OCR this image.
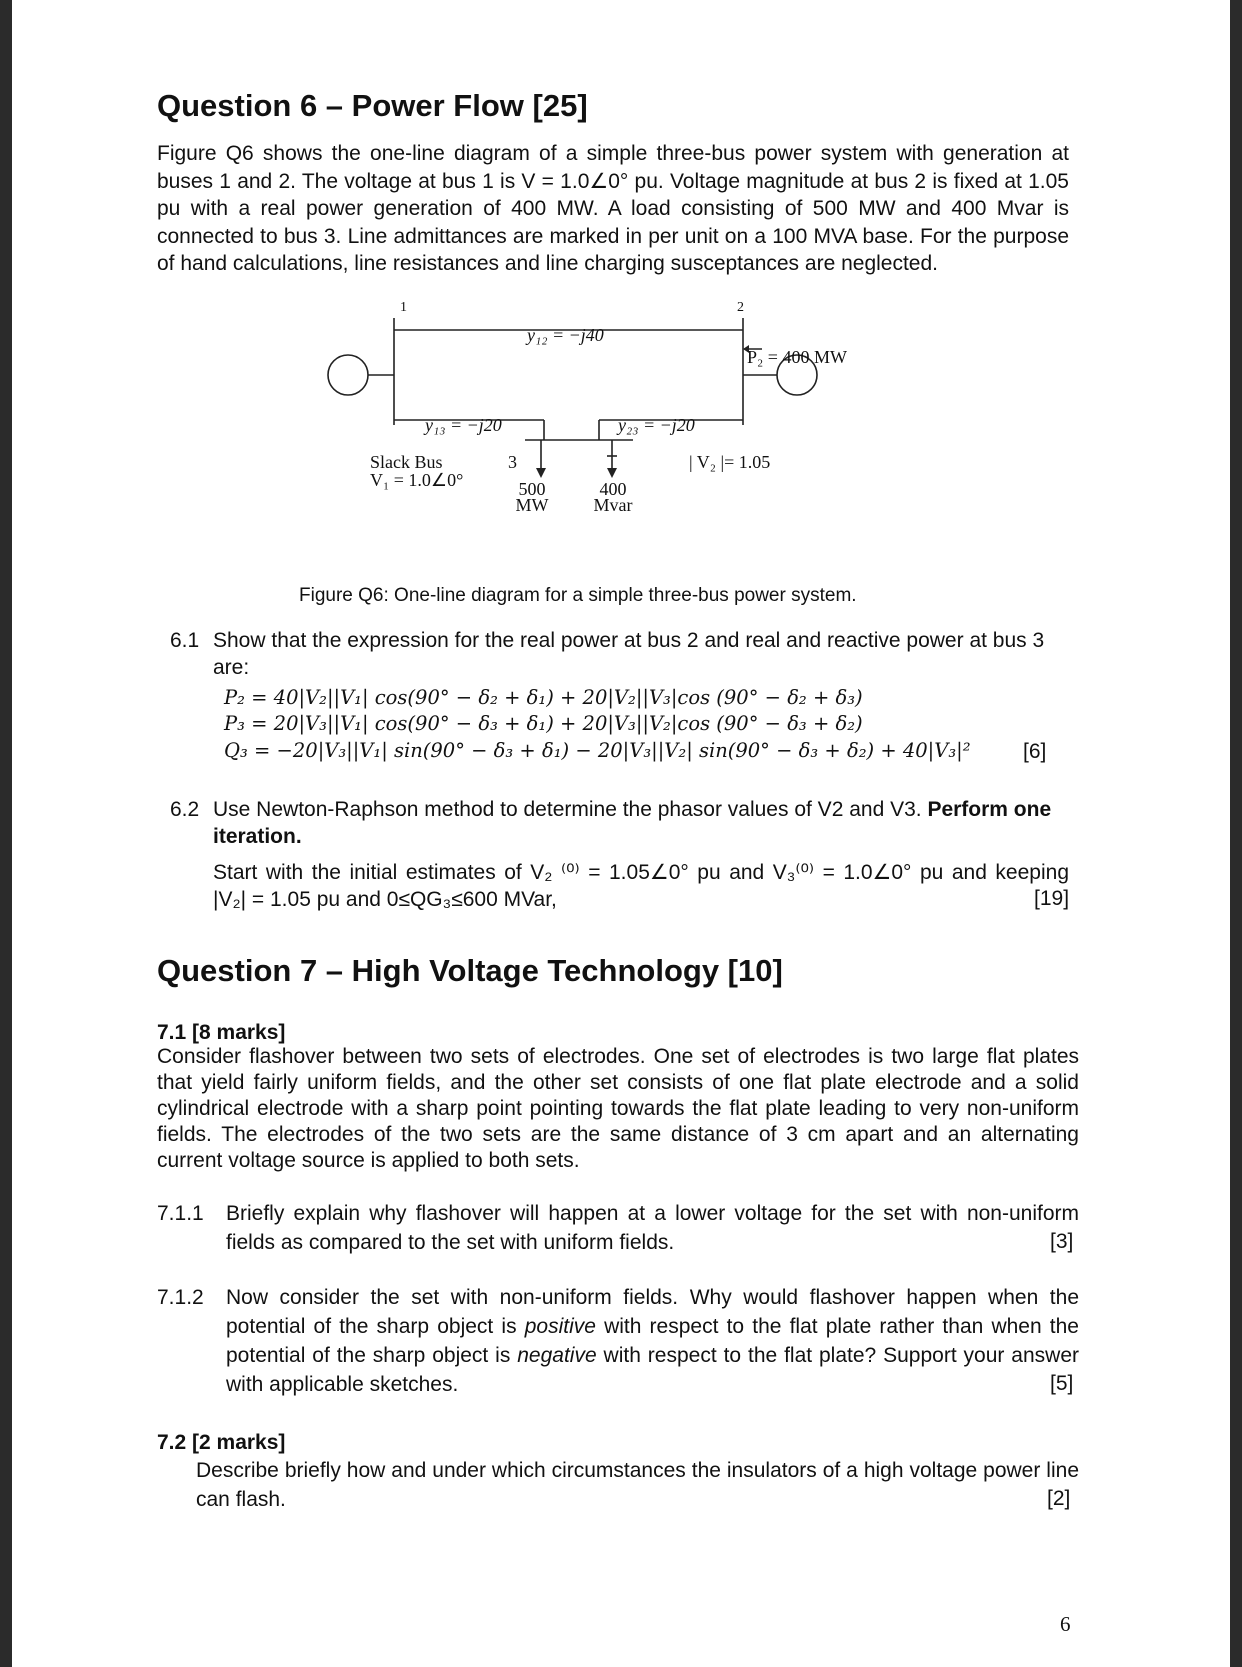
Question 6 – Power Flow [25]
Figure Q6 shows the one-line diagram of a simple three-bus power system with generation at buses 1 and 2. The voltage at bus 1 is V = 1.0∠0° pu. Voltage magnitude at bus 2 is fixed at 1.05 pu with a real power generation of 400 MW. A load consisting of 500 MW and 400 Mvar is connected to bus 3. Line admittances are marked in per unit on a 100 MVA base. For the purpose of hand calculations, line resistances and line charging susceptances are neglected.
1	2
y₁₂ = −j40
P₂ = 400 MW
y₁₃ = −j20	y₂₃ = −j20
| V₂ |= 1.05
Slack Bus
V₁ = 1.0∠0°
3
500
MW
400
Mvar
Figure Q6: One-line diagram for a simple three-bus power system.
6.1 Show that the expression for the real power at bus 2 and real and reactive power at bus 3
are:
P₂ = 40|V₂||V₁| cos(90° − δ₂ + δ₁) + 20|V₂||V₃|cos (90° − δ₂ + δ₃)
P₃ = 20|V₃||V₁| cos(90° − δ₃ + δ₁) + 20|V₃||V₂|cos (90° − δ₃ + δ₂)
Q₃ = −20|V₃||V₁| sin(90° − δ₃ + δ₁) − 20|V₃||V₂| sin(90° − δ₃ + δ₂) + 40|V₃|² [6]
6.2 Use Newton-Raphson method to determine the phasor values of V2 and V3. Perform one
iteration.
Start with the initial estimates of V₂ ⁽⁰⁾ = 1.05∠0° pu and V₃⁽⁰⁾ = 1.0∠0° pu and keeping
|V₂| = 1.05 pu and 0≤QG₃≤600 MVar,	[19]
Question 7 – High Voltage Technology [10]
7.1 [8 marks]
Consider flashover between two sets of electrodes. One set of electrodes is two large flat plates that yield fairly uniform fields, and the other set consists of one flat plate electrode and a solid cylindrical electrode with a sharp point pointing towards the flat plate leading to very non-uniform fields. The electrodes of the two sets are the same distance of 3 cm apart and an alternating current voltage source is applied to both sets.
7.1.1 Briefly explain why flashover will happen at a lower voltage for the set with non-uniform
fields as compared to the set with uniform fields.	[3]
7.1.2 Now consider the set with non-uniform fields. Why would flashover happen when the
potential of the sharp object is positive with respect to the flat plate rather than when the
potential of the sharp object is negative with respect to the flat plate? Support your answer
with applicable sketches.	[5]
7.2 [2 marks]
Describe briefly how and under which circumstances the insulators of a high voltage power line
can flash.	[2]
6
